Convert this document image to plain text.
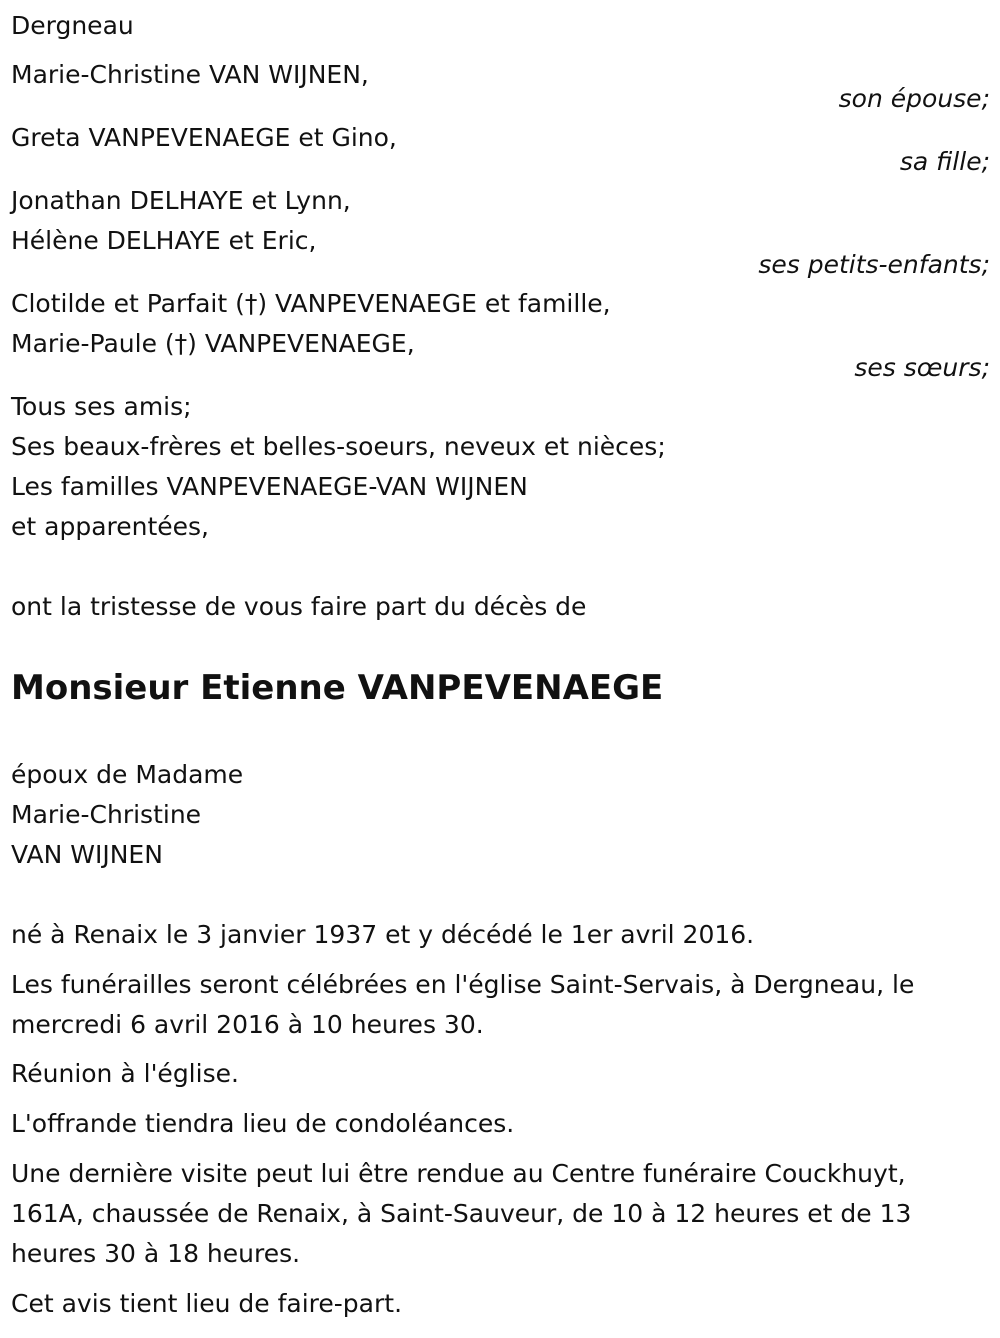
Dergneau
Marie-Christine VAN WIJNEN,
son épouse;
Greta VANPEVENAEGE et Gino,
sa fille;
Jonathan DELHAYE et Lynn,
Hélène DELHAYE et Eric,
ses petits-enfants;
Clotilde et Parfait (†) VANPEVENAEGE et famille,
Marie-Paule (†) VANPEVENAEGE,
ses sœurs;
Tous ses amis;
Ses beaux-frères et belles-soeurs, neveux et nièces;
Les familles VANPEVENAEGE-VAN WIJNEN
et apparentées,
ont la tristesse de vous faire part du décès de
Monsieur Etienne VANPEVENAEGE
époux de Madame
Marie-Christine
VAN WIJNEN
né à Renaix le 3 janvier 1937 et y décédé le 1er avril 2016.
Les funérailles seront célébrées en l'église Saint-Servais, à Dergneau, le
mercredi 6 avril 2016 à 10 heures 30.
Réunion à l'église.
L'offrande tiendra lieu de condoléances.
Une dernière visite peut lui être rendue au Centre funéraire Couckhuyt,
161A, chaussée de Renaix, à Saint-Sauveur, de 10 à 12 heures et de 13
heures 30 à 18 heures.
Cet avis tient lieu de faire-part.
